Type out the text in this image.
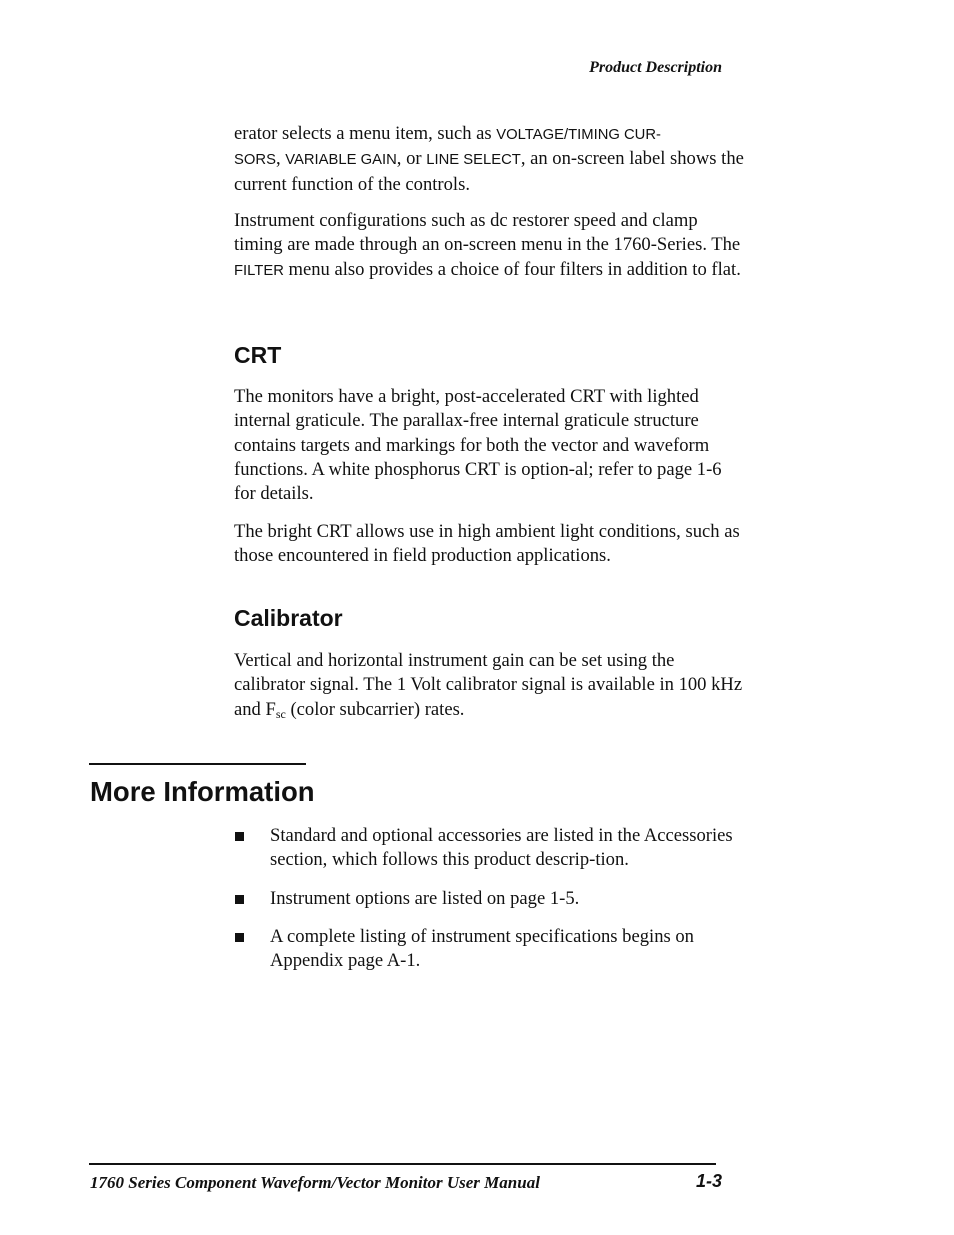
Product Description

erator selects a menu item, such as VOLTAGE/TIMING CUR-
SORS, VARIABLE GAIN, or LINE SELECT, an on-screen label shows the current function of the controls.

Instrument configurations such as dc restorer speed and clamp timing are made through an on-screen menu in the 1760-Series. The FILTER menu also provides a choice of four filters in addition to flat.

CRT

The monitors have a bright, post-accelerated CRT with lighted internal graticule. The parallax-free internal graticule structure contains targets and markings for both the vector and waveform functions. A white phosphorus CRT is option-al; refer to page 1-6 for details.

The bright CRT allows use in high ambient light conditions, such as those encountered in field production applications.

Calibrator

Vertical and horizontal instrument gain can be set using the calibrator signal. The 1 Volt calibrator signal is available in 100 kHz and $F_{sc}$ (color subcarrier) rates.

More Information
Standard and optional accessories are listed in the Accessories section, which follows this product descrip-tion.
Instrument options are listed on page 1-5.
A complete listing of instrument specifications begins on Appendix page A-1.
1760 Series Component Waveform/Vector Monitor User Manual	1-3
